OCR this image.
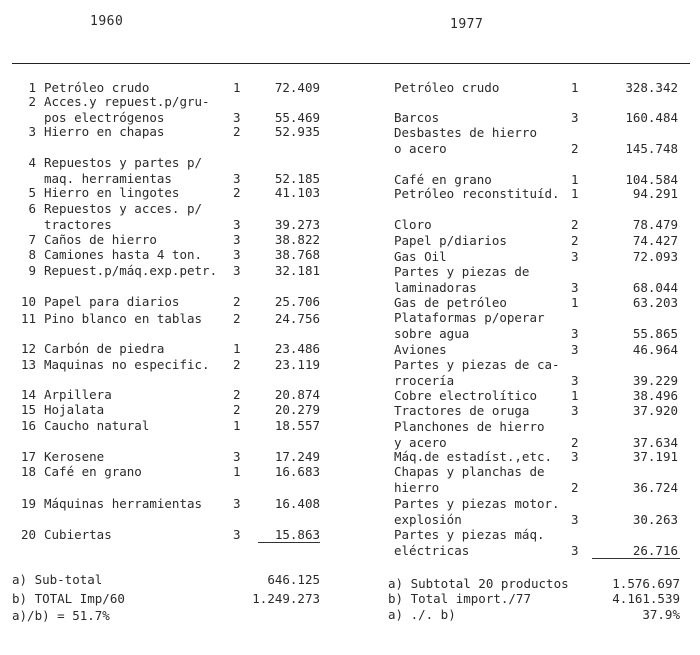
1960	1977
1 Petróleo crudo	1	72.409
2 Acces.y repuest.p/gru-
pos electrógenos	3	55.469
3 Hierro en chapas	2	52.935
4 Repuestos y partes p/
maq. herramientas	3	52.185
5 Hierro en lingotes	2	41.103
6 Repuestos y acces. p/
tractores	3	39.273
7 Caños de hierro	3	38.822
8 Camiones hasta 4 ton. 3	38.768
9 Repuest.p/máq.exp.petr. 3	32.181
10 Papel para diarios	2	25.706
11 Pino blanco en tablas 2	24.756
12 Carbón de piedra	1	23.486
13 Maquinas no especific. 2	23.119
14 Arpillera	2	20.874
15 Hojalata	2	20.279
16 Caucho natural	1	18.557
17 Kerosene	3	17.249
18 Café en grano	1	16.683
19 Máquinas herramientas 3	16.408
20 Cubiertas	3	15.863
Petróleo crudo	1	328.342
Barcos	3	160.484
Desbastes de hierro
o acero	2	145.748
Café en grano	1	104.584
Petróleo reconstituíd. 1	94.291
Cloro	2	78.479
Papel p/diarios	2	74.427
Gas Oil	3	72.093
Partes y piezas de
laminadoras	3	68.044
Gas de petróleo	1	63.203
Plataformas p/operar
sobre agua	3	55.865
Aviones	3	46.964
Partes y piezas de ca-
rrocería	3	39.229
Cobre electrolítico	1	38.496
Tractores de oruga	3	37.920
Planchones de hierro
y acero	2	37.634
Máq.de estadíst.,etc. 3	37.191
Chapas y planchas de
hierro	2	36.724
Partes y piezas motor.
explosión	3	30.263
Partes y piezas máq.
eléctricas	3	26.716
a) Sub-total	646.125
b) TOTAL Imp/60	1.249.273
a)/b) = 51.7%
a) Subtotal 20 productos	1.576.697
b) Total import./77	4.161.539
a) ./. b)	37.9%
